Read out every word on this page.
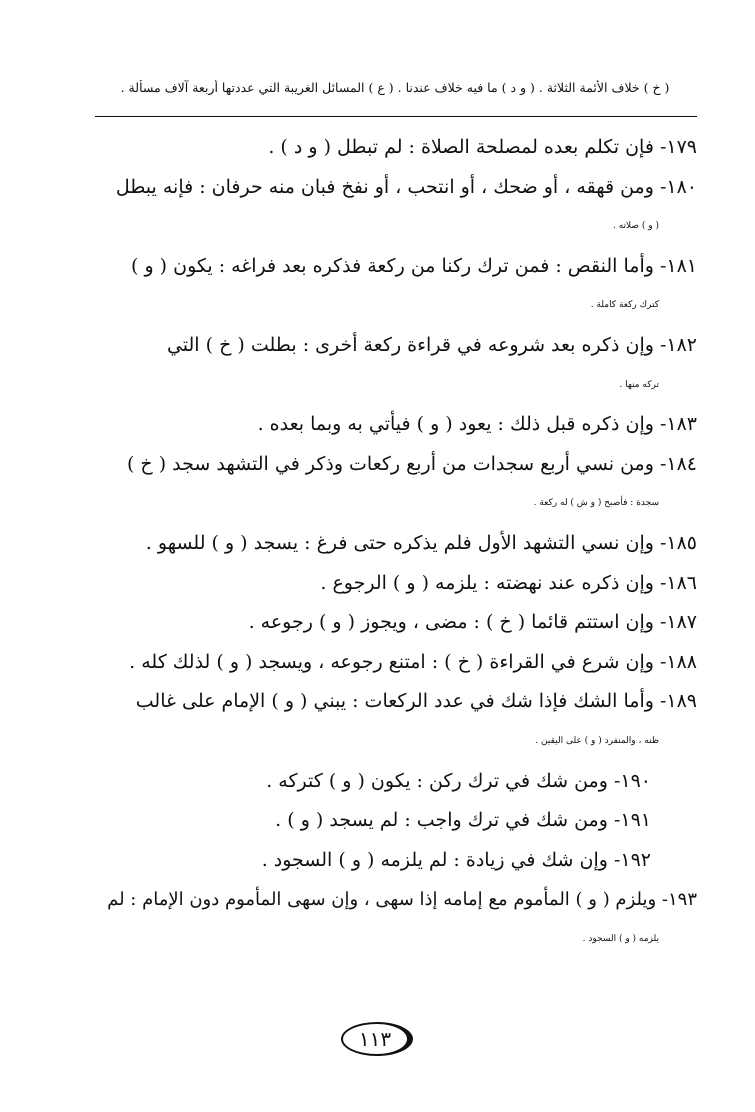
( خ ) خلاف الأئمة الثلاثة . ( و د ) ما فيه خلاف عندنا . ( ع ) المسائل الغريبة التي عددتها أربعة آلاف مسألة .

١٧٩- فإن تكلم بعده لمصلحة الصلاة : لم تبطل ( و د ) .

١٨٠- ومن قهقه ، أو ضحك ، أو انتحب ، أو نفخ فبان منه حرفان : فإنه يبطل
( و ) صلاته .

١٨١- وأما النقص : فمن ترك ركنا من ركعة فذكره بعد فراغه : يكون ( و )
كترك ركعة كاملة .

١٨٢- وإن ذكره بعد شروعه في قراءة ركعة أخرى : بطلت ( خ ) التي
تركه منها .

١٨٣- وإن ذكره قبل ذلك : يعود ( و ) فيأتي به وبما بعده .

١٨٤- ومن نسي أربع سجدات من أربع ركعات وذكر في التشهد سجد ( خ )
سجدة : فأصبح ( و ش ) له ركعة .

١٨٥- وإن نسي التشهد الأول فلم يذكره حتى فرغ : يسجد ( و ) للسهو .

١٨٦- وإن ذكره عند نهضته : يلزمه ( و ) الرجوع .

١٨٧- وإن استتم قائما ( خ ) : مضى ، ويجوز ( و ) رجوعه .

١٨٨- وإن شرع في القراءة ( خ ) : امتنع رجوعه ، ويسجد ( و ) لذلك كله .

١٨٩- وأما الشك فإذا شك في عدد الركعات : يبني ( و ) الإمام على غالب
ظنه ، والمنفرد ( و ) على اليقين .

١٩٠- ومن شك في ترك ركن : يكون ( و ) كتركه .

١٩١- ومن شك في ترك واجب : لم يسجد ( و ) .

١٩٢- وإن شك في زيادة : لم يلزمه ( و ) السجود .

١٩٣- ويلزم ( و ) المأموم مع إمامه إذا سهى ، وإن سهى المأموم دون الإمام : لم
يلزمه ( و ) السجود .

١١٣
